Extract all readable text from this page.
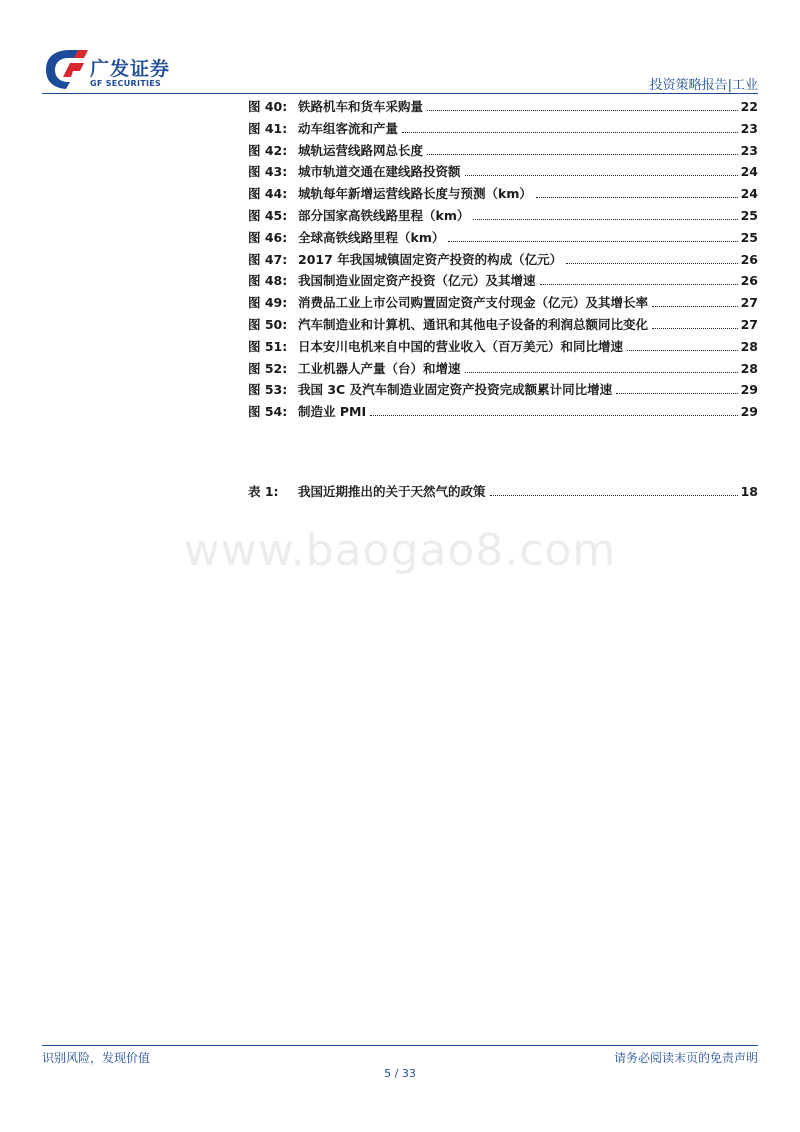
广发证券
GF SECURITIES	投资策略报告|工业
图 40: 铁路机车和货车采购量	22
图 41: 动车组客流和产量	23
图 42: 城轨运营线路网总长度	23
图 43: 城市轨道交通在建线路投资额	24
图 44: 城轨每年新增运营线路长度与预测（km）	24
图 45: 部分国家高铁线路里程（km）	25
图 46: 全球高铁线路里程（km）	25
图 47: 2017 年我国城镇固定资产投资的构成（亿元）	26
图 48: 我国制造业固定资产投资（亿元）及其增速	26
图 49: 消费品工业上市公司购置固定资产支付现金（亿元）及其增长率	27
图 50: 汽车制造业和计算机、通讯和其他电子设备的利润总额同比变化	27
图 51: 日本安川电机来自中国的营业收入（百万美元）和同比增速	28
图 52: 工业机器人产量（台）和增速	28
图 53: 我国 3C 及汽车制造业固定资产投资完成额累计同比增速	29
图 54: 制造业 PMI	29
表 1:	我国近期推出的关于天然气的政策	18
www.baogao8.com
识别风险，发现价值	请务必阅读末页的免责声明
5 / 33
